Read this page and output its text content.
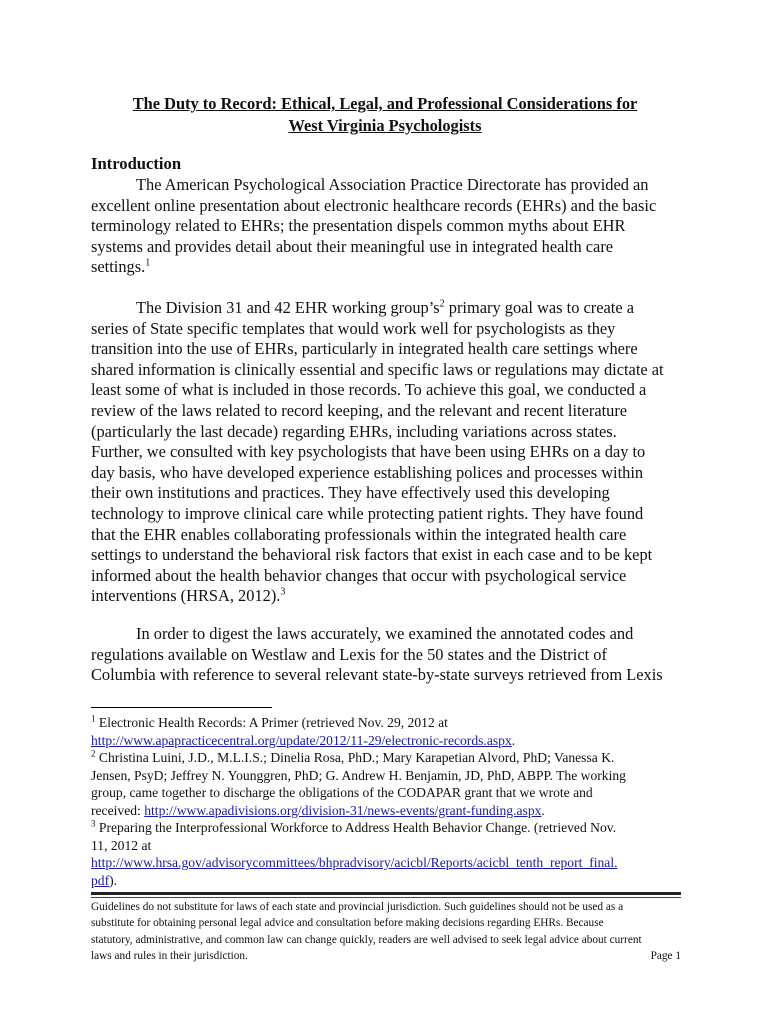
The Duty to Record: Ethical, Legal, and Professional Considerations for
West Virginia Psychologists
Introduction

The American Psychological Association Practice Directorate has provided an
excellent online presentation about electronic healthcare records (EHRs) and the basic
terminology related to EHRs; the presentation dispels common myths about EHR
systems and provides detail about their meaningful use in integrated health care
settings.$^1$

The Division 31 and 42 EHR working $group’s^2$ primary goal was to create a
series of State specific templates that would work well for psychologists as they
transition into the use of EHRs, particularly in integrated health care settings where
shared information is clinically essential and specific laws or regulations may dictate at
least some of what is included in those records. To achieve this goal, we conducted a
review of the laws related to record keeping, and the relevant and recent literature
(particularly the last decade) regarding EHRs, including variations across states.
Further, we consulted with key psychologists that have been using EHRs on a day to
day basis, who have developed experience establishing polices and processes within
their own institutions and practices. They have effectively used this developing
technology to improve clinical care while protecting patient rights. They have found
that the EHR enables collaborating professionals within the integrated health care
settings to understand the behavioral risk factors that exist in each case and to be kept
informed about the health behavior changes that occur with psychological service
interventions (HRSA, 2012).$^3$

In order to digest the laws accurately, we examined the annotated codes and
regulations available on Westlaw and Lexis for the 50 states and the District of
Columbia with reference to several relevant state-by-state surveys retrieved from Lexis

$^1$ Electronic Health Records: A Primer (retrieved Nov. 29, 2012 at
http://www.apapracticecentral.org/update/2012/11-29/electronic-records.aspx.
$^2$ Christina Luini, J.D., M.L.I.S.; Dinelia Rosa, PhD.; Mary Karapetian Alvord, PhD; Vanessa K.
Jensen, PsyD; Jeffrey N. Younggren, PhD; G. Andrew H. Benjamin, JD, PhD, ABPP. The working
group, came together to discharge the obligations of the CODAPAR grant that we wrote and
received: http://www.apadivisions.org/division-31/news-events/grant-funding.aspx.
$^3$ Preparing the Interprofessional Workforce to Address Health Behavior Change. (retrieved Nov.
11, 2012 at
http://www.hrsa.gov/advisorycommittees/bhpradvisory/acicbl/Reports/acicbl_tenth_report_final.
pdf).
Guidelines do not substitute for laws of each state and provincial jurisdiction. Such guidelines should not be used as a
substitute for obtaining personal legal advice and consultation before making decisions regarding EHRs. Because
statutory, administrative, and common law can change quickly, readers are well advised to seek legal advice about current
laws and rules in their jurisdiction.	Page 1
